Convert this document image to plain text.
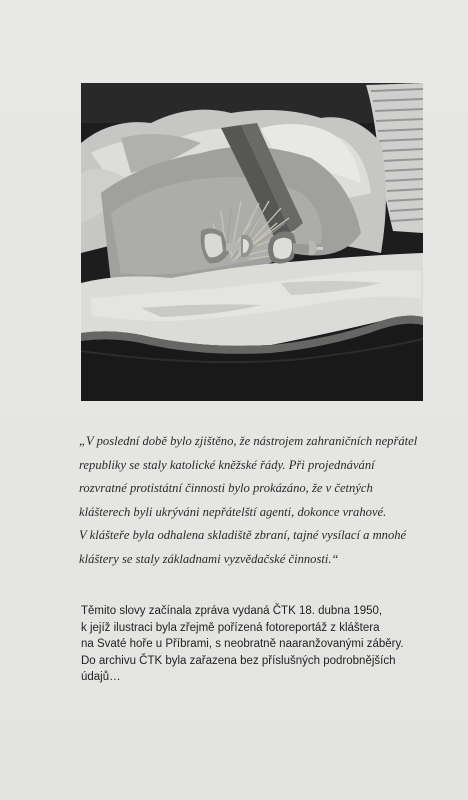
„V poslední době bylo zjištěno, že nástrojem zahraničních nepřátel
republiky se staly katolické kněžské řády. Při projednávání
rozvratné protistátní činnosti bylo prokázáno, že v četných
klášterech byli ukrýváni nepřátelští agenti, dokonce vrahové.
V klášteře byla odhalena skladiště zbraní, tajné vysílací a mnohé
kláštery se staly základnami vyzvědačské činnosti.“

Těmito slovy začínala zpráva vydaná ČTK 18. dubna 1950,
k jejíž ilustraci byla zřejmě pořízená fotoreportáž z kláštera
na Svaté hoře u Příbrami, s neobratně naaranžovanými záběry.
Do archivu ČTK byla zařazena bez příslušných podrobnějších
údajů…
